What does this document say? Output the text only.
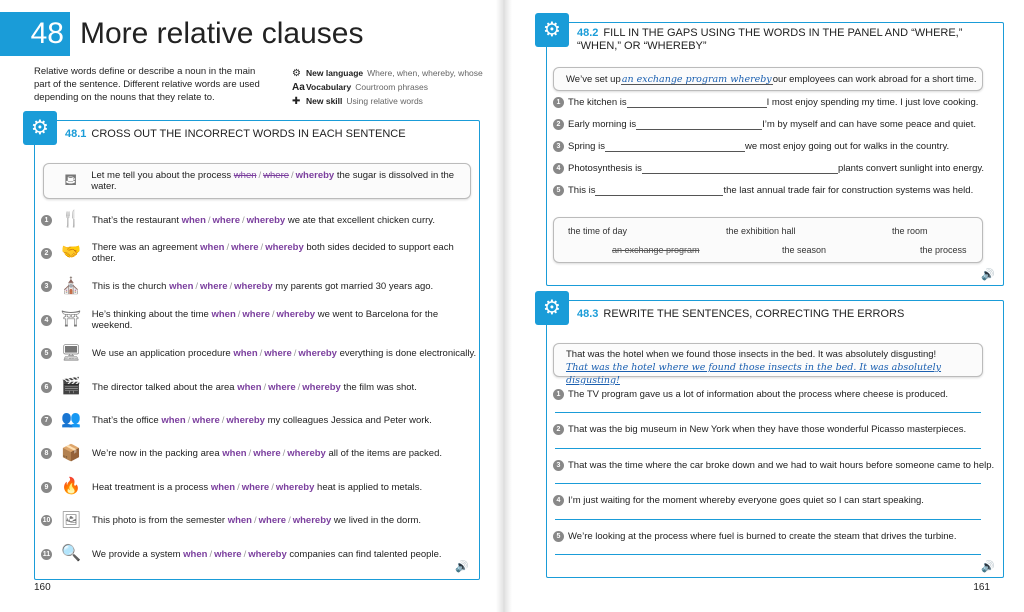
48 More relative clauses
Relative words define or describe a noun in the main part of the sentence. Different relative words are used depending on the nouns that they relate to.
⚙ New language Where, when, whereby, whose
Aa Vocabulary Courtroom phrases
✚ New skill Using relative words
⚙	48.1 CROSS OUT THE INCORRECT WORDS IN EACH SENTENCE
⛾	Let me tell you about the process when / where / whereby the sugar is dissolved in the water.
1 🍴	That’s the restaurant when / where / whereby we ate that excellent chicken curry.
2 🤝	There was an agreement when / where / whereby both sides decided to support each other.
3 ⛪	This is the church when / where / whereby my parents got married 30 years ago.
4 ⛩ He’s thinking about the time when / where / whereby we went to Barcelona for the weekend.
5 🖥 We use an application procedure when / where / whereby everything is done electronically.
6 🎬	The director talked about the area when / where / whereby the film was shot.
7 👥	That’s the office when / where / whereby my colleagues Jessica and Peter work.
8 📦	We’re now in the packing area when / where / whereby all of the items are packed.
9 🔥	Heat treatment is a process when / where / whereby heat is applied to metals.
10 🖼 This photo is from the semester when / where / whereby we lived in the dorm.
11 🔍	We provide a system when / where / whereby companies can find talented people.
🔊
160
⚙	48.2 FILL IN THE GAPS USING THE WORDS IN THE PANEL AND “WHERE,”
“WHEN,” OR “WHEREBY”
We’ve set up an exchange program whereby our employees can work abroad for a short time.
1 The kitchen is	I most enjoy spending my time. I just love cooking.
2 Early morning is	I’m by myself and can have some peace and quiet.
3 Spring is	we most enjoy going out for walks in the country.
4 Photosynthesis is	plants convert sunlight into energy.
5 This is	the last annual trade fair for construction systems was held.
the time of day	the exhibition hall	the room
an exchange program	the season	the process
🔊
⚙	48.3 REWRITE THE SENTENCES, CORRECTING THE ERRORS
That was the hotel when we found those insects in the bed. It was absolutely disgusting!
That was the hotel where we found those insects in the bed. It was absolutely disgusting!
1 The TV program gave us a lot of information about the process where cheese is produced.
2 That was the big museum in New York when they have those wonderful Picasso masterpieces.
3 That was the time where the car broke down and we had to wait hours before someone came to help.
4 I’m just waiting for the moment whereby everyone goes quiet so I can start speaking.
5 We’re looking at the process where fuel is burned to create the steam that drives the turbine.
🔊
161
